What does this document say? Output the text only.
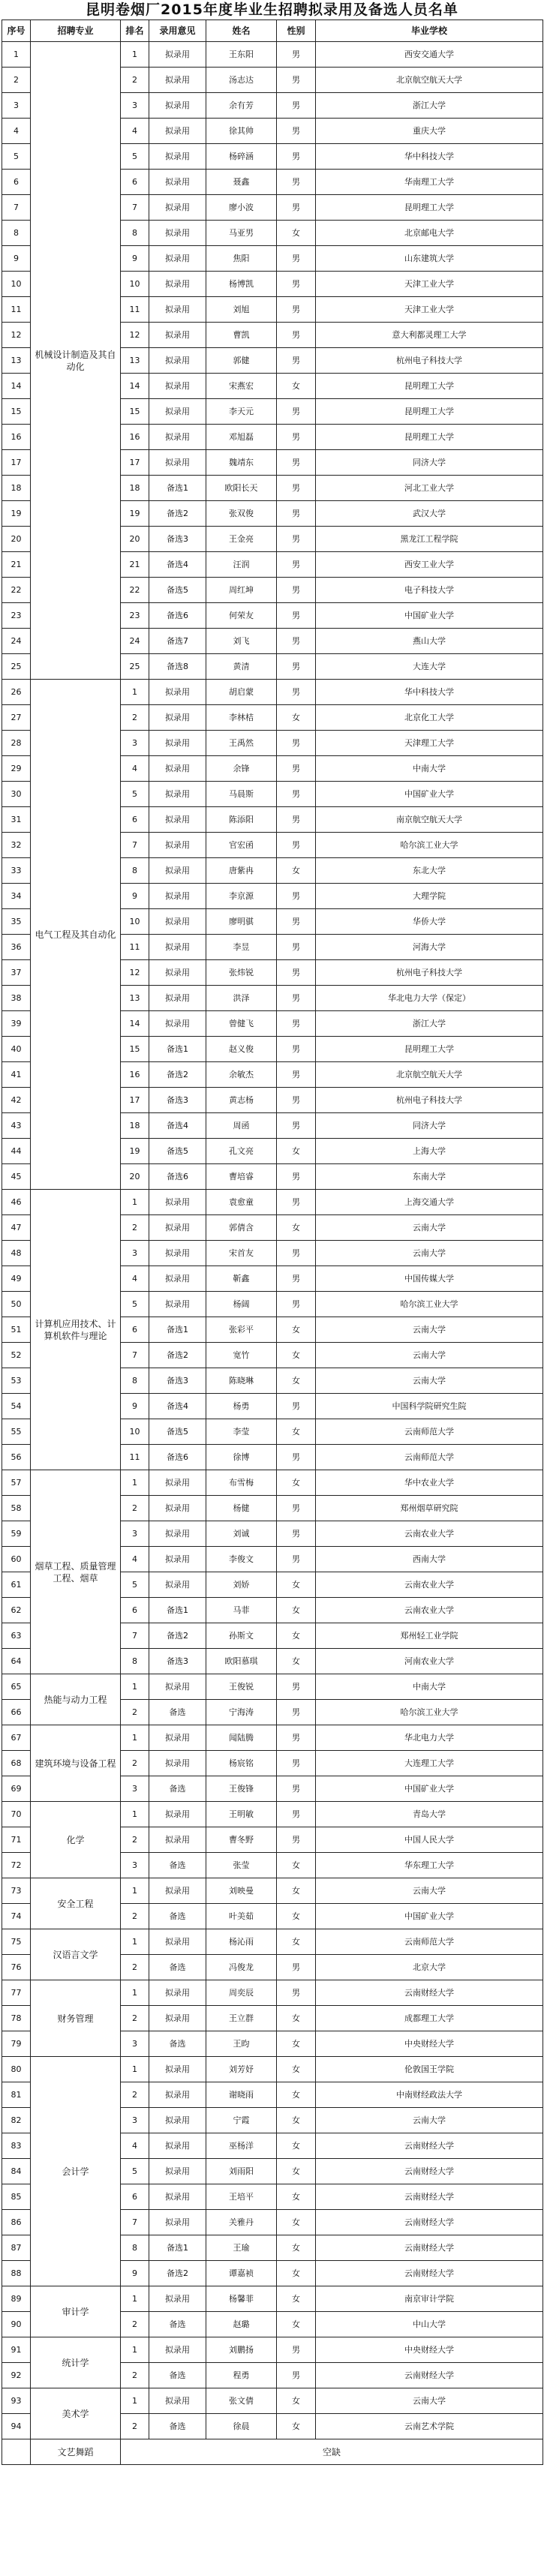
昆明卷烟厂2015年度毕业生招聘拟录用及备选人员名单
序号	招聘专业	排名	录用意见	姓名	性别	毕业学校
1	机械设计制造及其自动化	1	拟录用	王东阳	男	西安交通大学
2		2	拟录用	汤志达	男	北京航空航天大学
3		3	拟录用	余有芳	男	浙江大学
4		4	拟录用	徐其帅	男	重庆大学
5		5	拟录用	杨碎涵	男	华中科技大学
6		6	拟录用	聂鑫	男	华南理工大学
7		7	拟录用	廖小波	男	昆明理工大学
8		8	拟录用	马亚男	女	北京邮电大学
9		9	拟录用	焦阳	男	山东建筑大学
10		10	拟录用	杨博凯	男	天津工业大学
11		11	拟录用	刘旭	男	天津工业大学
12		12	拟录用	曹凯	男	意大利都灵理工大学
13		13	拟录用	郭健	男	杭州电子科技大学
14		14	拟录用	宋燕宏	女	昆明理工大学
15		15	拟录用	李天元	男	昆明理工大学
16		16	拟录用	邓旭磊	男	昆明理工大学
17		17	拟录用	魏靖东	男	同济大学
18		18	备选1	欧阳长天	男	河北工业大学
19		19	备选2	张双俊	男	武汉大学
20		20	备选3	王金亮	男	黑龙江工程学院
21		21	备选4	汪润	男	西安工业大学
22		22	备选5	周红坤	男	电子科技大学
23		23	备选6	何荣友	男	中国矿业大学
24		24	备选7	刘飞	男	燕山大学
25		25	备选8	黄清	男	大连大学
26	电气工程及其自动化	1	拟录用	胡启蒙	男	华中科技大学
27		2	拟录用	李林桔	女	北京化工大学
28		3	拟录用	王禹然	男	天津理工大学
29		4	拟录用	余锋	男	中南大学
30		5	拟录用	马晨斯	男	中国矿业大学
31		6	拟录用	陈添阳	男	南京航空航天大学
32		7	拟录用	官宏函	男	哈尔滨工业大学
33		8	拟录用	唐紫冉	女	东北大学
34		9	拟录用	李京源	男	大理学院
35		10	拟录用	廖明骐	男	华侨大学
36		11	拟录用	李昱	男	河海大学
37		12	拟录用	张炜锐	男	杭州电子科技大学
38		13	拟录用	洪泽	男	华北电力大学（保定）
39		14	拟录用	曾健飞	男	浙江大学
40		15	备选1	赵义俊	男	昆明理工大学
41		16	备选2	余敏杰	男	北京航空航天大学
42		17	备选3	黄志杨	男	杭州电子科技大学
43		18	备选4	周函	男	同济大学
44		19	备选5	孔文亮	女	上海大学
45		20	备选6	曹培睿	男	东南大学
46	计算机应用技术、计算机软件与理论	1	拟录用	袁愈童	男	上海交通大学
47		2	拟录用	郭倩含	女	云南大学
48		3	拟录用	宋首友	男	云南大学
49		4	拟录用	靳鑫	男	中国传媒大学
50		5	拟录用	杨阔	男	哈尔滨工业大学
51		6	备选1	张彩平	女	云南大学
52		7	备选2	宽竹	女	云南大学
53		8	备选3	陈晓琳	女	云南大学
54		9	备选4	杨勇	男	中国科学院研究生院
55		10	备选5	李莹	女	云南师范大学
56		11	备选6	徐博	男	云南师范大学
57	烟草工程、质量管理工程、烟草	1	拟录用	布雪梅	女	华中农业大学
58		2	拟录用	杨健	男	郑州烟草研究院
59		3	拟录用	刘诚	男	云南农业大学
60		4	拟录用	李俊文	男	西南大学
61		5	拟录用	刘娇	女	云南农业大学
62		6	备选1	马菲	女	云南农业大学
63		7	备选2	孙斯文	女	郑州轻工业学院
64		8	备选3	欧阳慕琪	女	河南农业大学
65	热能与动力工程	1	拟录用	王俊锐	男	中南大学
66		2	备选	宁海涛	男	哈尔滨工业大学
67	建筑环境与设备工程	1	拟录用	闻陆腾	男	华北电力大学
68		2	拟录用	杨宸铭	男	大连理工大学
69		3	备选	王俊锋	男	中国矿业大学
70	化学	1	拟录用	王明敏	男	青岛大学
71		2	拟录用	曹冬野	男	中国人民大学
72		3	备选	张莹	女	华东理工大学
73	安全工程	1	拟录用	刘映曼	女	云南大学
74		2	备选	叶美茹	女	中国矿业大学
75	汉语言文学	1	拟录用	杨沁雨	女	云南师范大学
76		2	备选	冯俊龙	男	北京大学
77	财务管理	1	拟录用	周奕辰	男	云南财经大学
78		2	拟录用	王立群	女	成都理工大学
79		3	备选	王昀	女	中央财经大学
80	会计学	1	拟录用	刘芳妤	女	伦敦国王学院
81		2	拟录用	谢晓雨	女	中南财经政法大学
82		3	拟录用	宁霞	女	云南大学
83		4	拟录用	巫杨洋	女	云南财经大学
84		5	拟录用	刘雨阳	女	云南财经大学
85		6	拟录用	王培平	女	云南财经大学
86		7	拟录用	关雅丹	女	云南财经大学
87		8	备选1	王瑜	女	云南财经大学
88		9	备选2	谭嘉祯	女	云南财经大学
89	审计学	1	拟录用	杨馨菲	女	南京审计学院
90		2	备选	赵璐	女	中山大学
91	统计学	1	拟录用	刘鹏扬	男	中央财经大学
92		2	备选	程勇	男	云南财经大学
93	美术学	1	拟录用	张文倩	女	云南大学
94		2	备选	徐晨	女	云南艺术学院
	文艺舞蹈	空缺				
